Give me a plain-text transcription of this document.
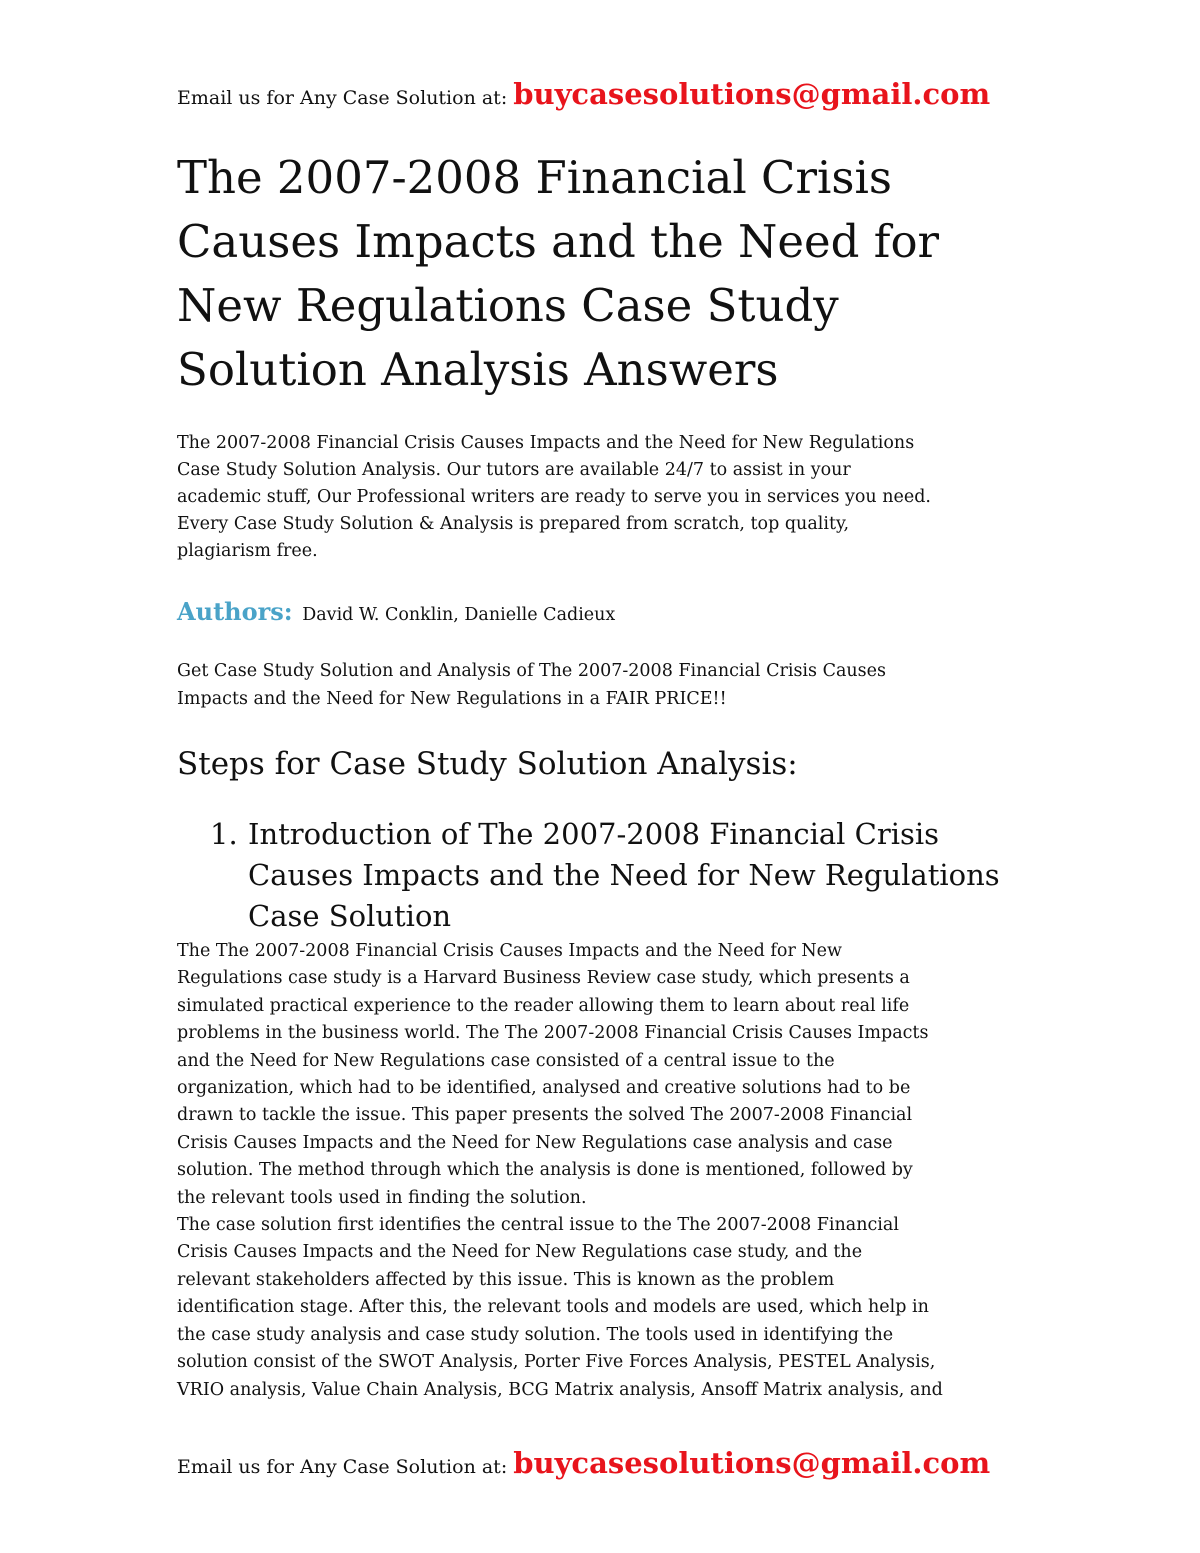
Email us for Any Case Solution at: buycasesolutions@gmail.com
The 2007-2008 Financial Crisis
Causes Impacts and the Need for
New Regulations Case Study
Solution Analysis Answers

The 2007-2008 Financial Crisis Causes Impacts and the Need for New Regulations
Case Study Solution Analysis. Our tutors are available 24/7 to assist in your
academic stuff, Our Professional writers are ready to serve you in services you need.
Every Case Study Solution & Analysis is prepared from scratch, top quality,
plagiarism free.

Authors: David W. Conklin, Danielle Cadieux

Get Case Study Solution and Analysis of The 2007-2008 Financial Crisis Causes
Impacts and the Need for New Regulations in a FAIR PRICE!!

Steps for Case Study Solution Analysis:
1. Introduction of The 2007-2008 Financial Crisis
Causes Impacts and the Need for New Regulations
Case Solution

The The 2007-2008 Financial Crisis Causes Impacts and the Need for New
Regulations case study is a Harvard Business Review case study, which presents a
simulated practical experience to the reader allowing them to learn about real life
problems in the business world. The The 2007-2008 Financial Crisis Causes Impacts
and the Need for New Regulations case consisted of a central issue to the
organization, which had to be identified, analysed and creative solutions had to be
drawn to tackle the issue. This paper presents the solved The 2007-2008 Financial
Crisis Causes Impacts and the Need for New Regulations case analysis and case
solution. The method through which the analysis is done is mentioned, followed by
the relevant tools used in finding the solution.
The case solution first identifies the central issue to the The 2007-2008 Financial
Crisis Causes Impacts and the Need for New Regulations case study, and the
relevant stakeholders affected by this issue. This is known as the problem
identification stage. After this, the relevant tools and models are used, which help in
the case study analysis and case study solution. The tools used in identifying the
solution consist of the SWOT Analysis, Porter Five Forces Analysis, PESTEL Analysis,
VRIO analysis, Value Chain Analysis, BCG Matrix analysis, Ansoff Matrix analysis, and

Email us for Any Case Solution at: buycasesolutions@gmail.com
